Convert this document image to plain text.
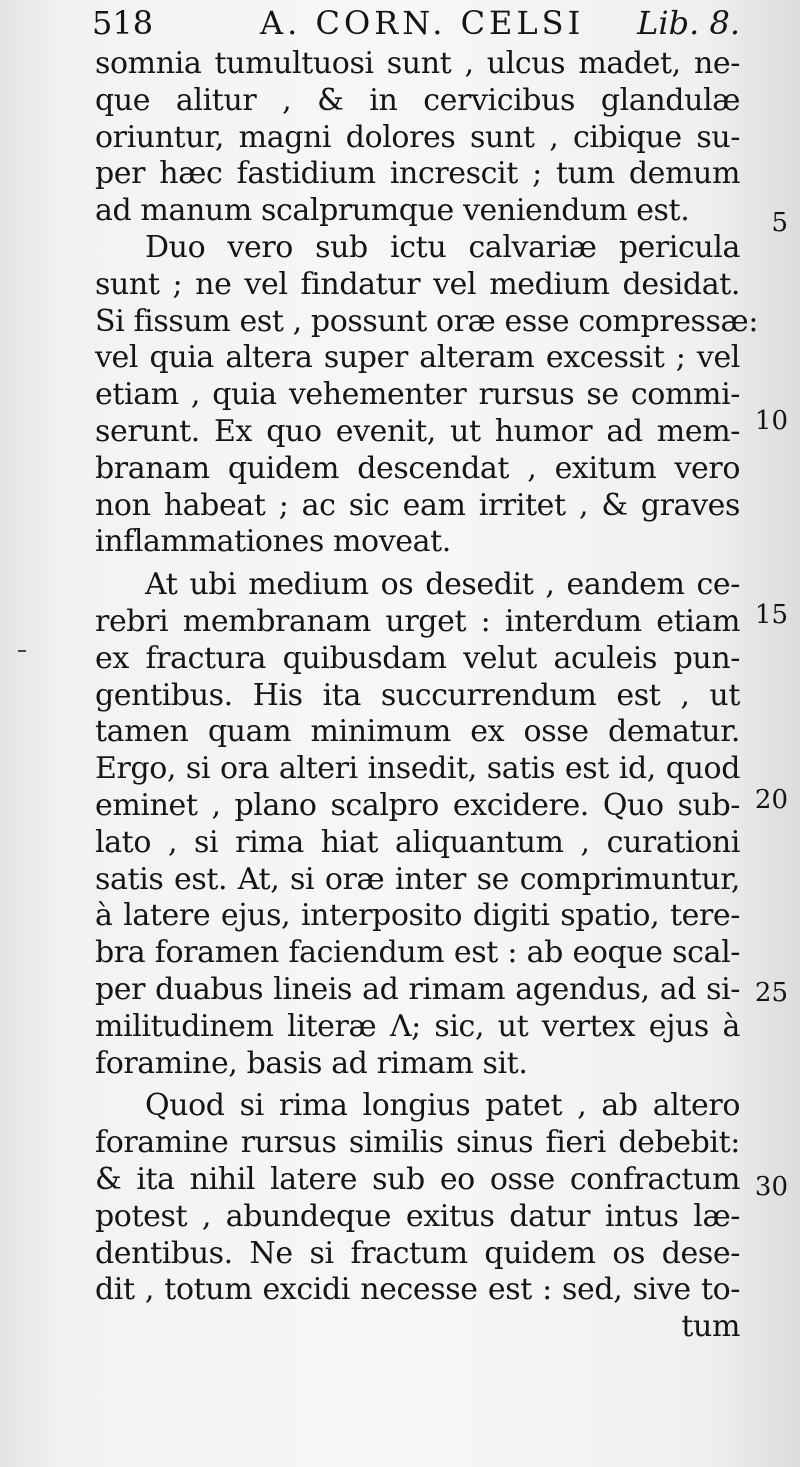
518	A. CORN. CELSI Lib. 8.
somnia tumultuosi sunt , ulcus madet, ne-
que alitur , & in cervicibus glandulæ
oriuntur, magni dolores sunt , cibique su-
per hæc fastidium increscit ; tum demum
ad manum scalprumque veniendum est.
Duo vero sub ictu calvariæ pericula
sunt ; ne vel findatur vel medium desidat.
Si fissum est , possunt oræ esse compressæ:
vel quia altera super alteram excessit ; vel
etiam , quia vehementer rursus se commi-
serunt. Ex quo evenit, ut humor ad mem-
branam quidem descendat , exitum vero
non habeat ; ac sic eam irritet , & graves
inflammationes moveat.
At ubi medium os desedit , eandem ce-
rebri membranam urget : interdum etiam
ex fractura quibusdam velut aculeis pun-
gentibus. His ita succurrendum est , ut
tamen quam minimum ex osse dematur.
Ergo, si ora alteri insedit, satis est id, quod
eminet , plano scalpro excidere. Quo sub-
lato , si rima hiat aliquantum , curationi
satis est. At, si oræ inter se comprimuntur,
à latere ejus, interposito digiti spatio, tere-
bra foramen faciendum est : ab eoque scal-
per duabus lineis ad rimam agendus, ad si-
militudinem literæ Λ; sic, ut vertex ejus à
foramine, basis ad rimam sit.
Quod si rima longius patet , ab altero
foramine rursus similis sinus fieri debebit:
& ita nihil latere sub eo osse confractum
potest , abundeque exitus datur intus læ-
dentibus. Ne si fractum quidem os dese-
dit , totum excidi necesse est : sed, sive to-
tum
5
10
15
20
25
30
